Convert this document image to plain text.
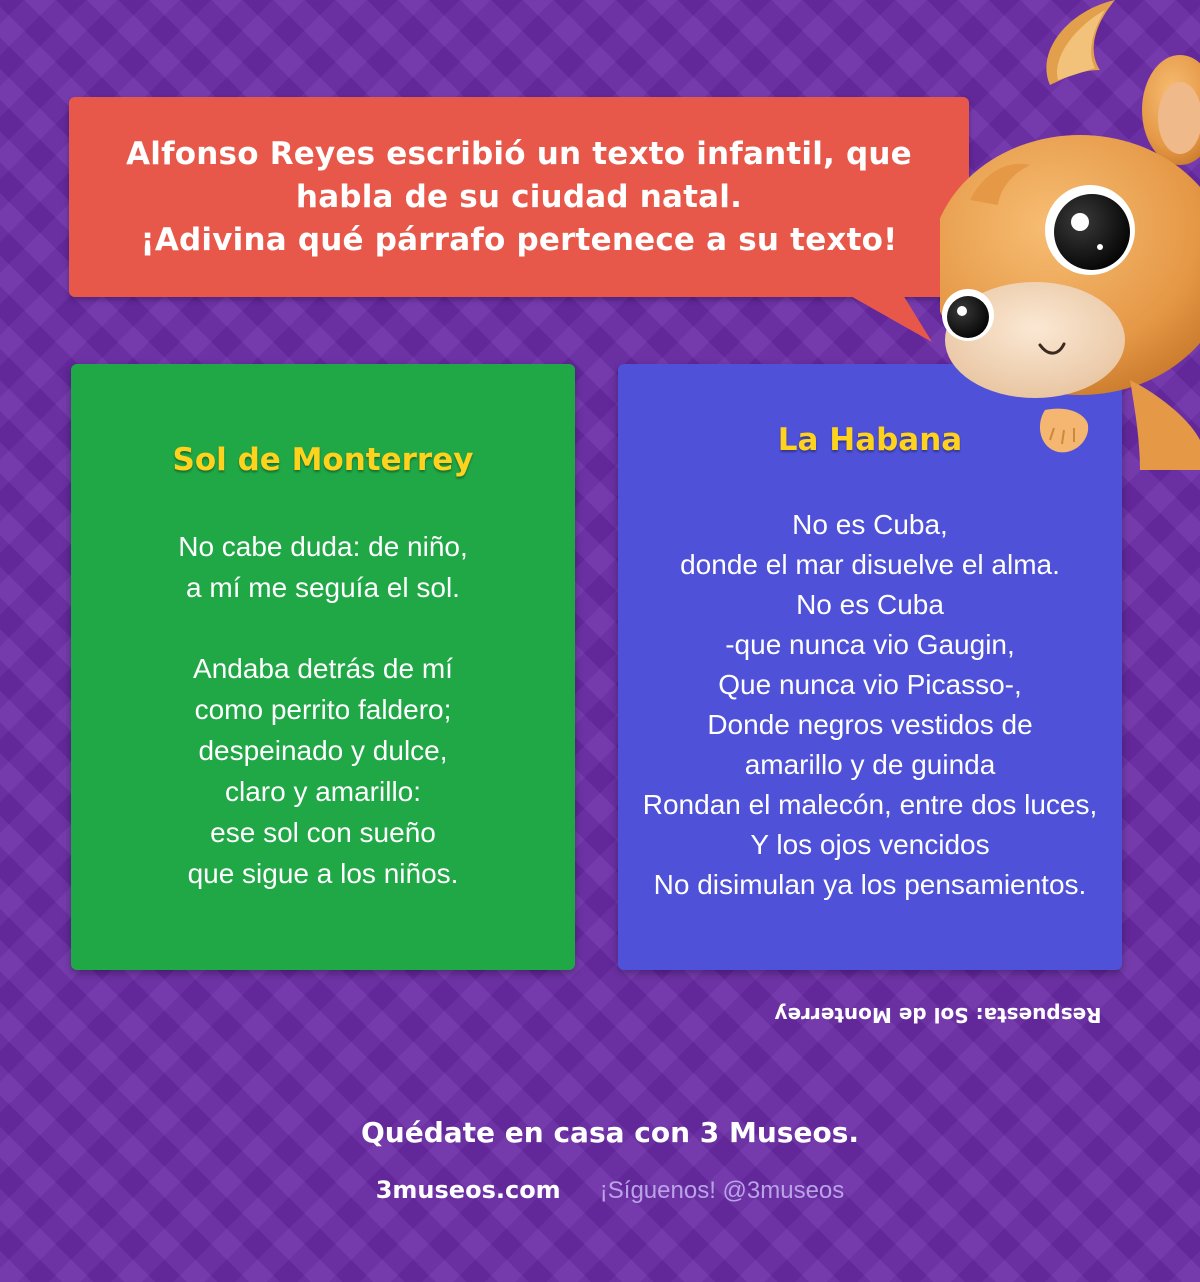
Alfonso Reyes escribió un texto infantil, que
habla de su ciudad natal.
¡Adivina qué párrafo pertenece a su texto!
Sol de Monterrey
No cabe duda: de niño,
a mí me seguía el sol.
Andaba detrás de mí
como perrito faldero;
despeinado y dulce,
claro y amarillo:
ese sol con sueño
que sigue a los niños.
La Habana
No es Cuba,
donde el mar disuelve el alma.
No es Cuba
-que nunca vio Gaugin,
Que nunca vio Picasso-,
Donde negros vestidos de
amarillo y de guinda
Rondan el malecón, entre dos luces,
Y los ojos vencidos
No disimulan ya los pensamientos.
Respuesta: Sol de Monterrey
Quédate en casa con 3 Museos.
3museos.com ¡Síguenos! @3museos
